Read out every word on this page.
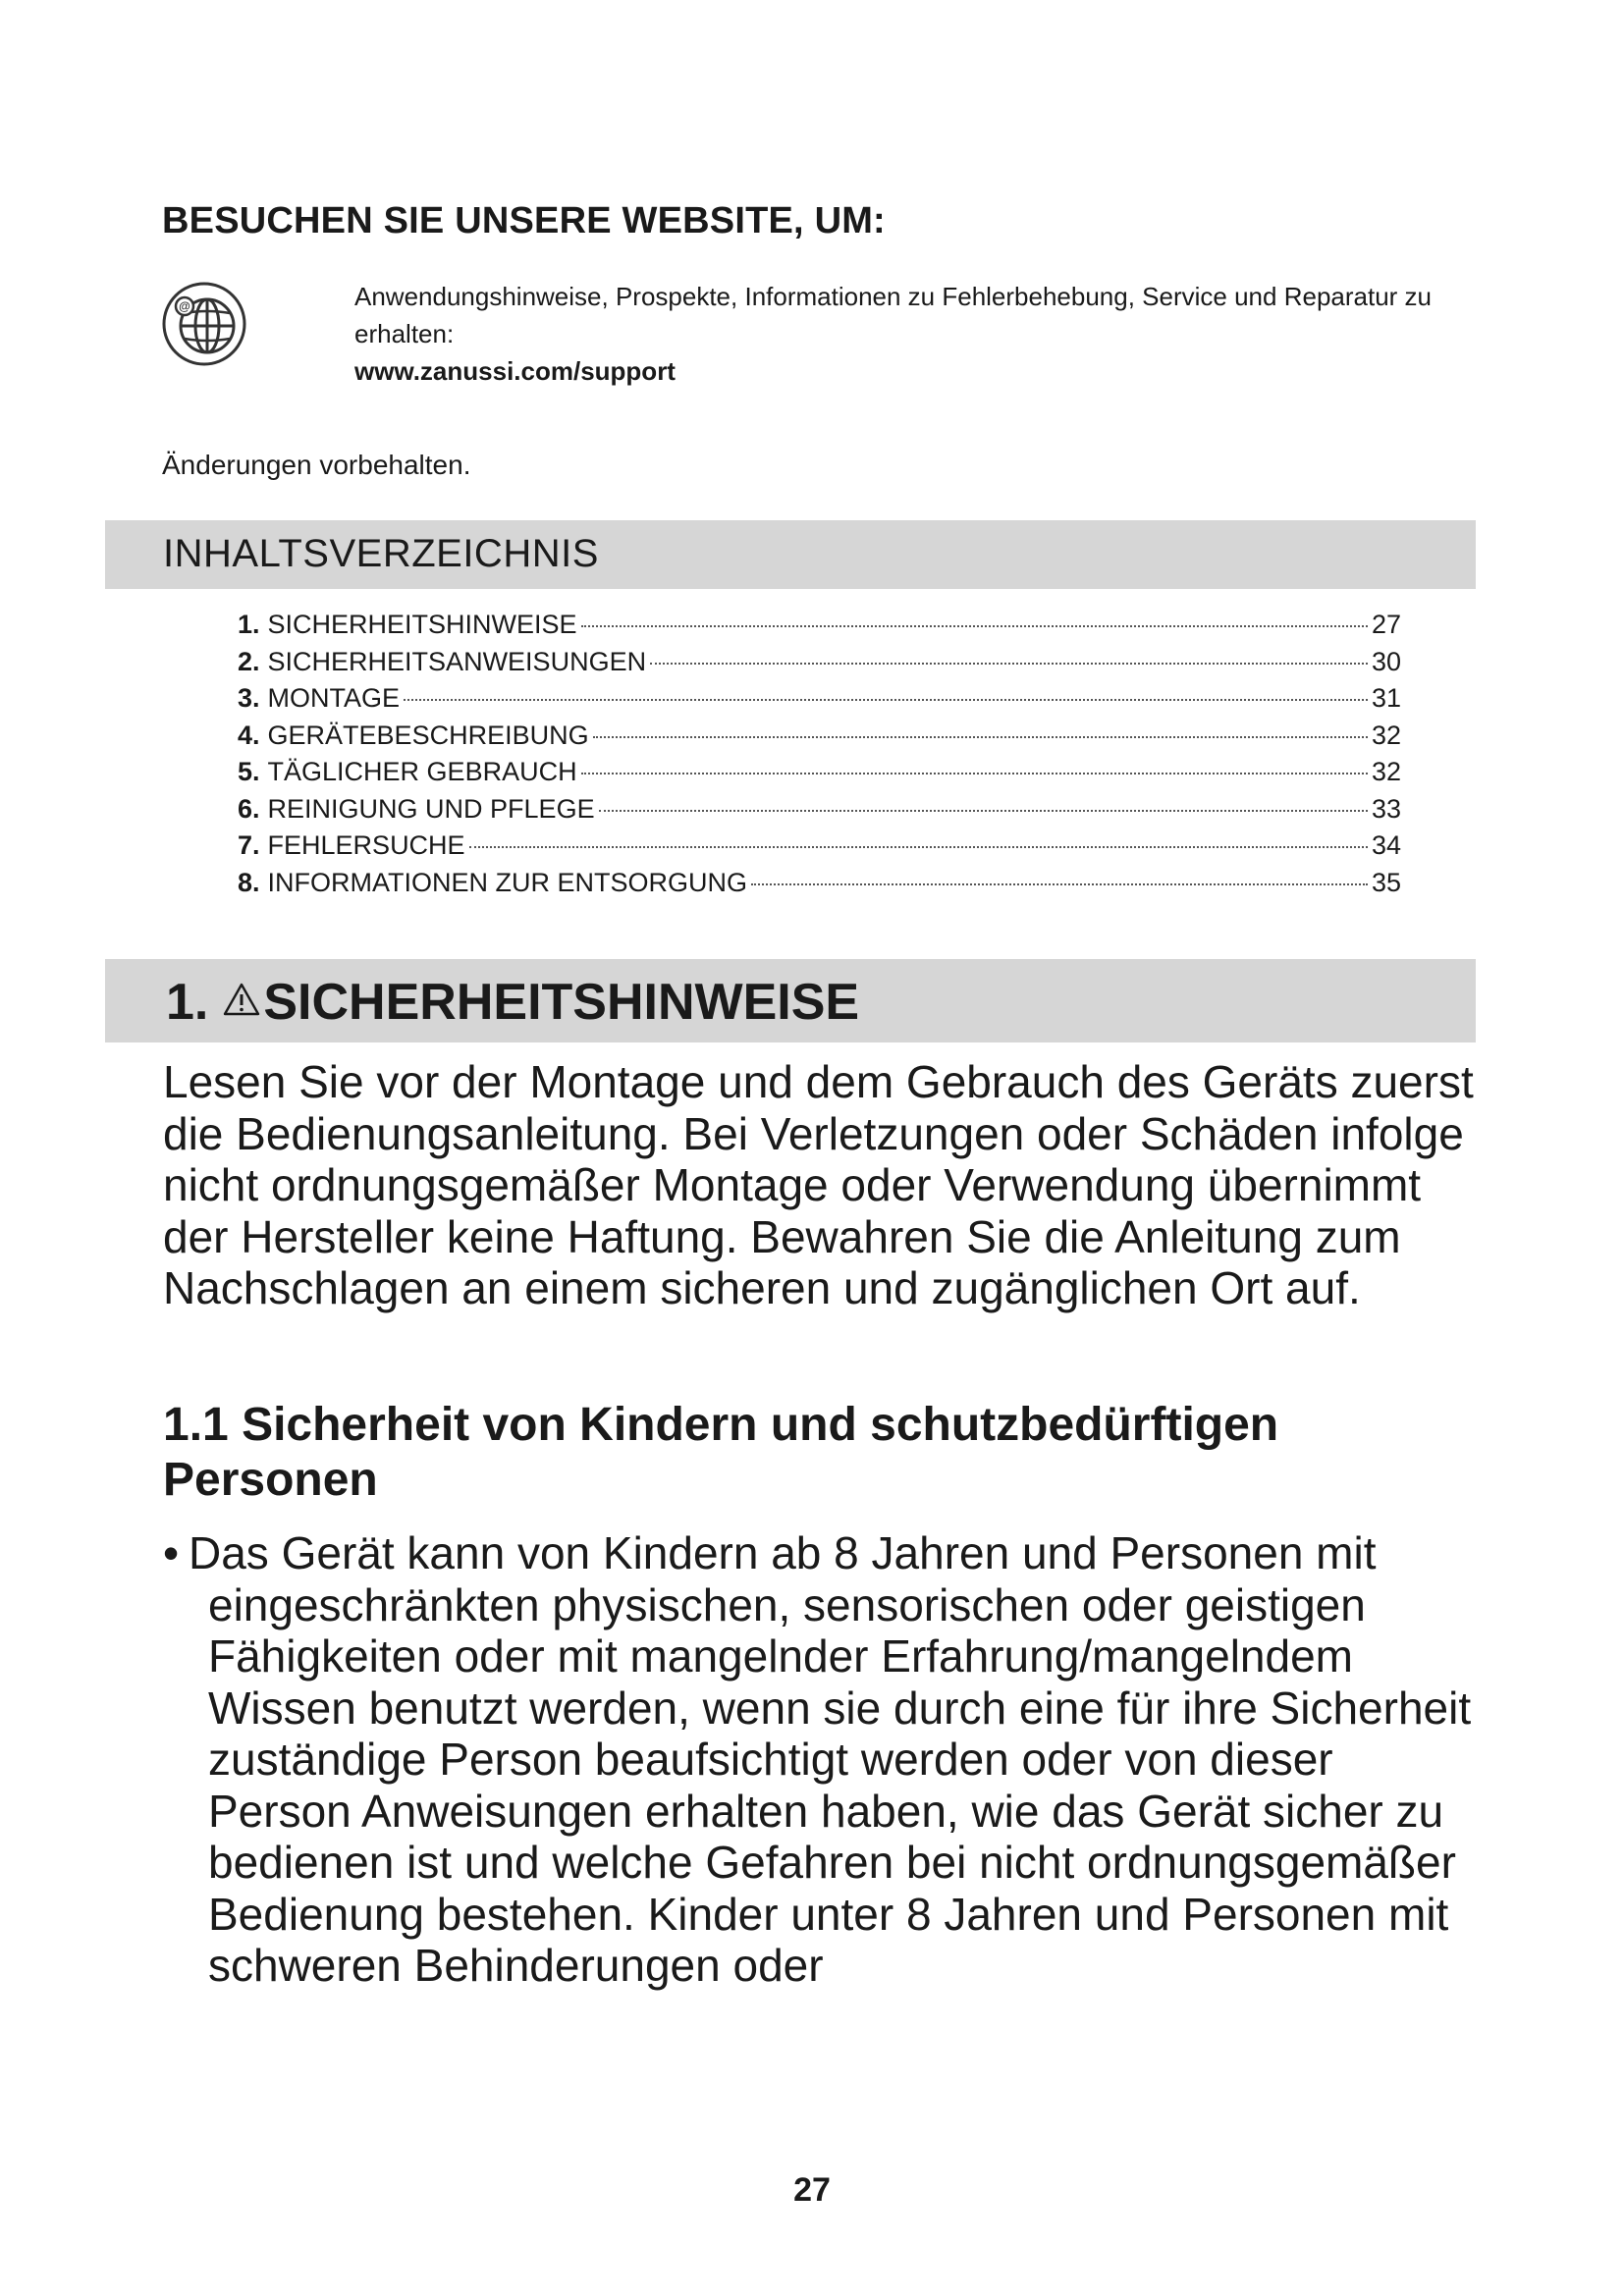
BESUCHEN SIE UNSERE WEBSITE, UM:
@	Anwendungshinweise, Prospekte, Informationen zu Fehlerbehebung, Service und Reparatur zu erhalten:
www.zanussi.com/support
Änderungen vorbehalten.
INHALTSVERZEICHNIS
1. SICHERHEITSHINWEISE	27
2. SICHERHEITSANWEISUNGEN	30
3. MONTAGE	31
4. GERÄTEBESCHREIBUNG	32
5. TÄGLICHER GEBRAUCH	32
6. REINIGUNG UND PFLEGE	33
7. FEHLERSUCHE	34
8. INFORMATIONEN ZUR ENTSORGUNG	35
1. SICHERHEITSHINWEISE

Lesen Sie vor der Montage und dem Gebrauch des Geräts zuerst die Bedienungsanleitung. Bei Verletzungen oder Schäden infolge nicht ordnungsgemäßer Montage oder Verwendung übernimmt der Hersteller keine Haftung. Bewahren Sie die Anleitung zum Nachschlagen an einem sicheren und zugänglichen Ort auf.

1.1 Sicherheit von Kindern und schutzbedürftigen Personen

• Das Gerät kann von Kindern ab 8 Jahren und Personen mit eingeschränkten physischen, sensorischen oder geistigen Fähigkeiten oder mit mangelnder Erfahrung/mangelndem Wissen benutzt werden, wenn sie durch eine für ihre Sicherheit zuständige Person beaufsichtigt werden oder von dieser Person Anweisungen erhalten haben, wie das Gerät sicher zu bedienen ist und welche Gefahren bei nicht ordnungsgemäßer Bedienung bestehen. Kinder unter 8 Jahren und Personen mit schweren Behinderungen oder

27
